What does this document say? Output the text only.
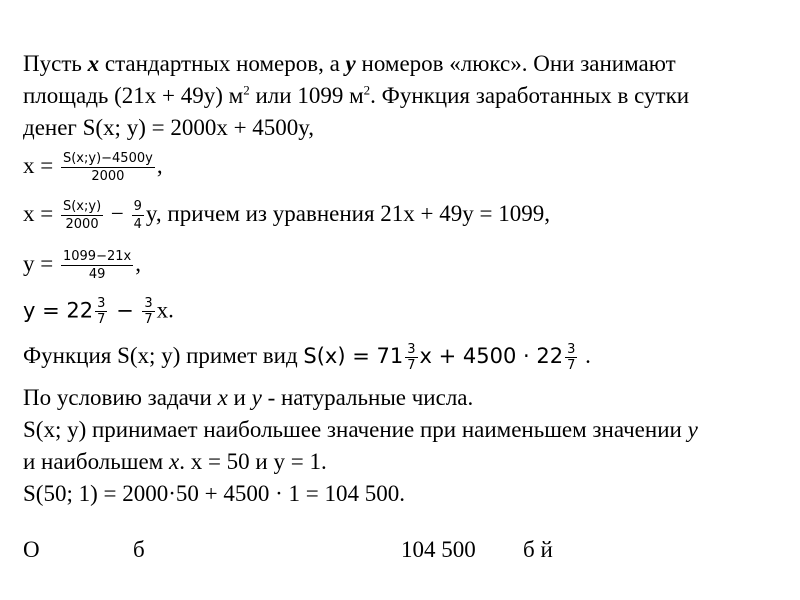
Пусть x стандартных номеров, а y номеров «люкс». Они занимают
площадь (21x + 49y) $м^2$ или 1099 $м^2$. Функция заработанных в сутки
денег S(x; y) = 2000x + 4500y,
$x = \frac{S(x;y)-4500y}{2000}$ ,
$x = \frac{S(x;y)}{2000} - \frac{9}{4} y$, причем из уравнения 21x + 49y = 1099,
$y = \frac{1099-21x}{49}$ ,
$y = 22 \frac{3}{7} - \frac{3}{7} x$.
Функция S(x; y) примет вид $S(x) = 71 \frac{3}{7}$ $x + 4500 \cdot 22 \frac{3}{7}$ .
По условию задачи x и y - натуральные числа.
S(x; y) принимает наибольшее значение при наименьшем значении y
и наибольшем x. x = 50 и y = 1.
S(50; 1) = 2000·50 + 4500 · 1 = 104 500.
О	б	104 500 б й
